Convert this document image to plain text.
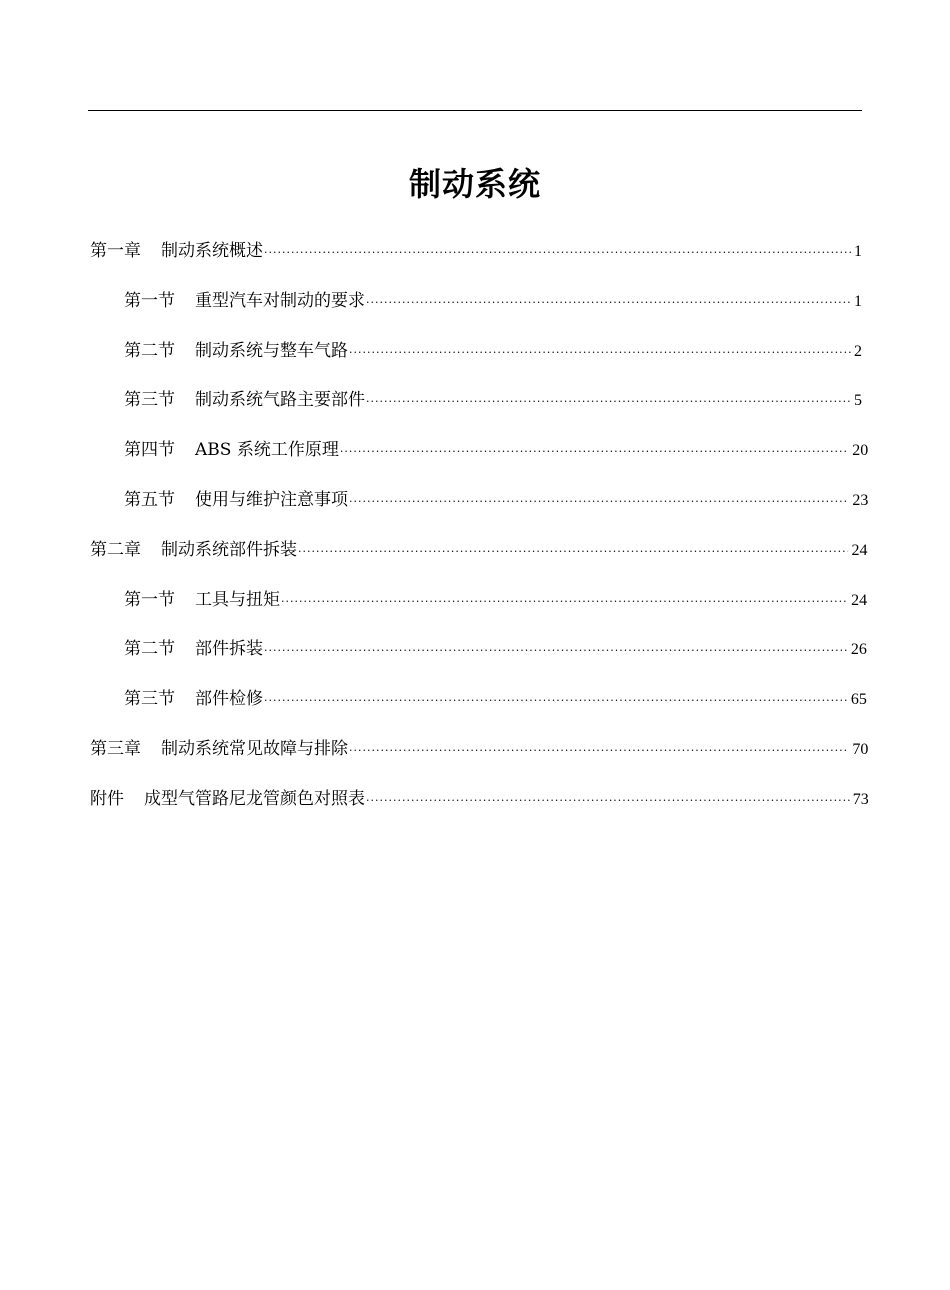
制动系统
第一章 制动系统概述 ·····	1
第一节 重型汽车对制动的要求 ·····	1
第二节 制动系统与整车气路 ·····	2
第三节 制动系统气路主要部件 ·····	5
第四节 ABS 系统工作原理 ·····	20
第五节 使用与维护注意事项 ·····	23
第二章 制动系统部件拆装 ·····	24
第一节 工具与扭矩 ·····	24
第二节 部件拆装 ·····	26
第三节 部件检修 ·····	65
第三章 制动系统常见故障与排除 ·····	70
附件 成型气管路尼龙管颜色对照表 ·····	73
